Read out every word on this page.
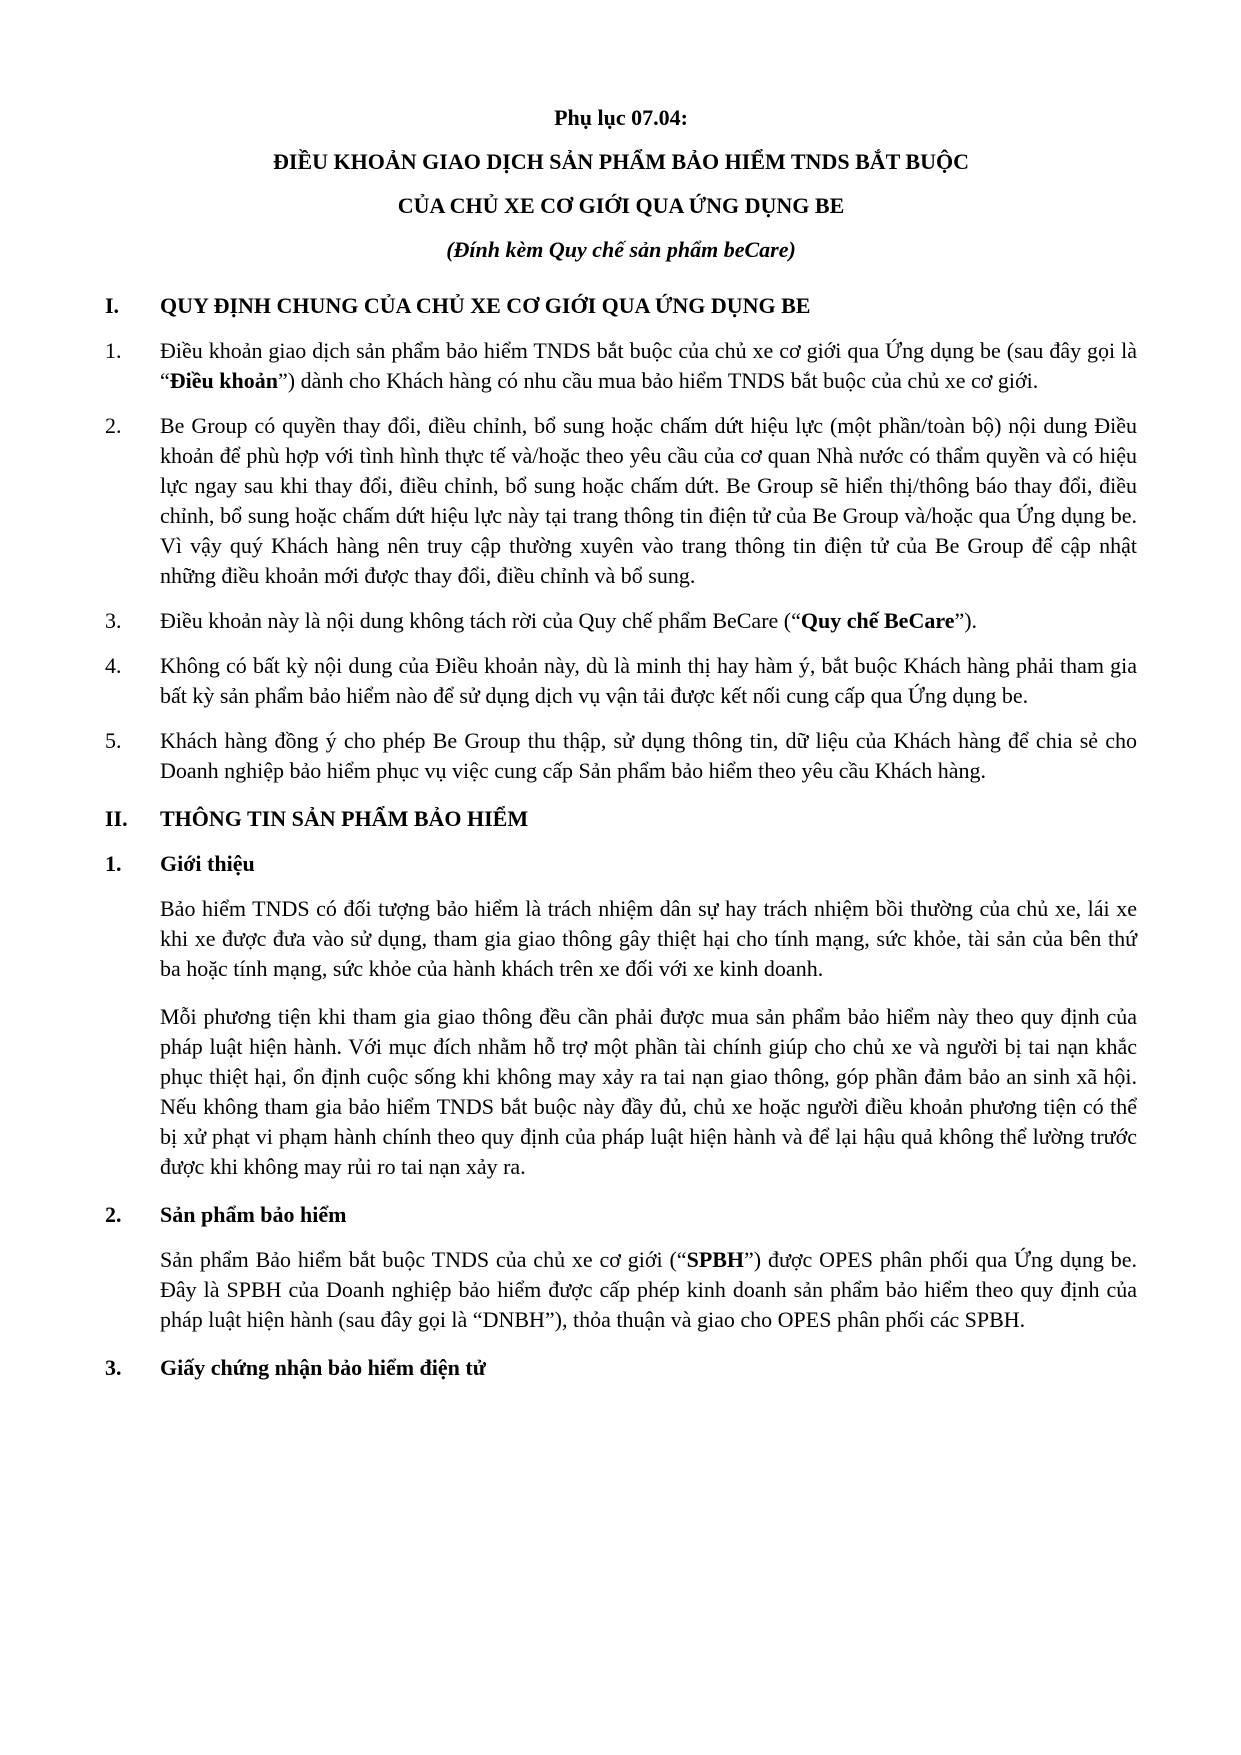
Phụ lục 07.04:
ĐIỀU KHOẢN GIAO DỊCH SẢN PHẨM BẢO HIỂM TNDS BẮT BUỘC
CỦA CHỦ XE CƠ GIỚI QUA ỨNG DỤNG BE
(Đính kèm Quy chế sản phẩm beCare)
I.	QUY ĐỊNH CHUNG CỦA CHỦ XE CƠ GIỚI QUA ỨNG DỤNG BE
1.	Điều khoản giao dịch sản phẩm bảo hiểm TNDS bắt buộc của chủ xe cơ giới qua Ứng dụng be (sau đây gọi là “Điều khoản”) dành cho Khách hàng có nhu cầu mua bảo hiểm TNDS bắt buộc của chủ xe cơ giới.
2.	Be Group có quyền thay đổi, điều chỉnh, bổ sung hoặc chấm dứt hiệu lực (một phần/toàn bộ) nội dung Điều khoản để phù hợp với tình hình thực tế và/hoặc theo yêu cầu của cơ quan Nhà nước có thẩm quyền và có hiệu lực ngay sau khi thay đổi, điều chỉnh, bổ sung hoặc chấm dứt. Be Group sẽ hiển thị/thông báo thay đổi, điều chỉnh, bổ sung hoặc chấm dứt hiệu lực này tại trang thông tin điện tử của Be Group và/hoặc qua Ứng dụng be. Vì vậy quý Khách hàng nên truy cập thường xuyên vào trang thông tin điện tử của Be Group để cập nhật những điều khoản mới được thay đổi, điều chỉnh và bổ sung.
3.	Điều khoản này là nội dung không tách rời của Quy chế phẩm BeCare (“Quy chế BeCare”).
4.	Không có bất kỳ nội dung của Điều khoản này, dù là minh thị hay hàm ý, bắt buộc Khách hàng phải tham gia bất kỳ sản phẩm bảo hiểm nào để sử dụng dịch vụ vận tải được kết nối cung cấp qua Ứng dụng be.
5.	Khách hàng đồng ý cho phép Be Group thu thập, sử dụng thông tin, dữ liệu của Khách hàng để chia sẻ cho Doanh nghiệp bảo hiểm phục vụ việc cung cấp Sản phẩm bảo hiểm theo yêu cầu Khách hàng.
II.	THÔNG TIN SẢN PHẨM BẢO HIỂM
1.	Giới thiệu
Bảo hiểm TNDS có đối tượng bảo hiểm là trách nhiệm dân sự hay trách nhiệm bồi thường của chủ xe, lái xe khi xe được đưa vào sử dụng, tham gia giao thông gây thiệt hại cho tính mạng, sức khỏe, tài sản của bên thứ ba hoặc tính mạng, sức khỏe của hành khách trên xe đối với xe kinh doanh.
Mỗi phương tiện khi tham gia giao thông đều cần phải được mua sản phẩm bảo hiểm này theo quy định của pháp luật hiện hành. Với mục đích nhằm hỗ trợ một phần tài chính giúp cho chủ xe và người bị tai nạn khắc phục thiệt hại, ổn định cuộc sống khi không may xảy ra tai nạn giao thông, góp phần đảm bảo an sinh xã hội. Nếu không tham gia bảo hiểm TNDS bắt buộc này đầy đủ, chủ xe hoặc người điều khoản phương tiện có thể bị xử phạt vi phạm hành chính theo quy định của pháp luật hiện hành và để lại hậu quả không thể lường trước được khi không may rủi ro tai nạn xảy ra.
2.	Sản phẩm bảo hiểm
Sản phẩm Bảo hiểm bắt buộc TNDS của chủ xe cơ giới (“SPBH”) được OPES phân phối qua Ứng dụng be. Đây là SPBH của Doanh nghiệp bảo hiểm được cấp phép kinh doanh sản phẩm bảo hiểm theo quy định của pháp luật hiện hành (sau đây gọi là “DNBH”), thỏa thuận và giao cho OPES phân phối các SPBH.
3.	Giấy chứng nhận bảo hiểm điện tử
